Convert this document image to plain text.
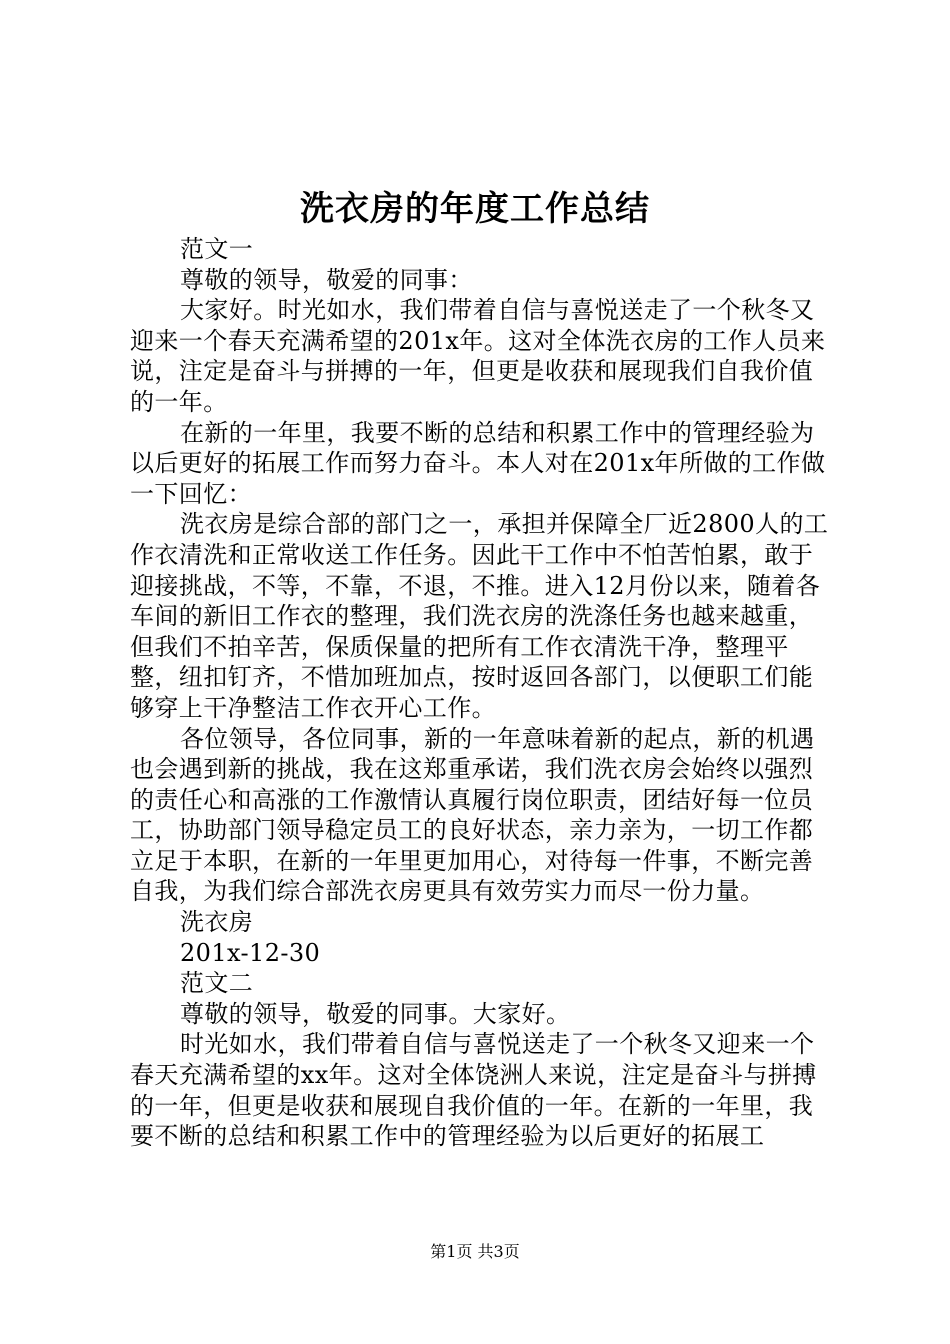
洗衣房的年度工作总结

范文一

尊敬的领导，敬爱的同事：

大家好。时光如水，我们带着自信与喜悦送走了一个秋冬又迎来一个春天充满希望的201x年。这对全体洗衣房的工作人员来说，注定是奋斗与拼搏的一年，但更是收获和展现我们自我价值的一年。

在新的一年里，我要不断的总结和积累工作中的管理经验为以后更好的拓展工作而努力奋斗。本人对在201x年所做的工作做一下回忆：

洗衣房是综合部的部门之一，承担并保障全厂近2800人的工作衣清洗和正常收送工作任务。因此干工作中不怕苦怕累，敢于迎接挑战，不等，不靠，不退，不推。进入12月份以来，随着各车间的新旧工作衣的整理，我们洗衣房的洗涤任务也越来越重，但我们不拍辛苦，保质保量的把所有工作衣清洗干净，整理平整，纽扣钉齐，不惜加班加点，按时返回各部门，以便职工们能够穿上干净整洁工作衣开心工作。

各位领导，各位同事，新的一年意味着新的起点，新的机遇也会遇到新的挑战，我在这郑重承诺，我们洗衣房会始终以强烈的责任心和高涨的工作激情认真履行岗位职责，团结好每一位员工，协助部门领导稳定员工的良好状态，亲力亲为，一切工作都立足于本职，在新的一年里更加用心，对待每一件事，不断完善自我，为我们综合部洗衣房更具有效劳实力而尽一份力量。

洗衣房

201x-12-30

范文二

尊敬的领导，敬爱的同事。大家好。

时光如水，我们带着自信与喜悦送走了一个秋冬又迎来一个春天充满希望的xx年。这对全体饶洲人来说，注定是奋斗与拼搏的一年，但更是收获和展现自我价值的一年。在新的一年里，我要不断的总结和积累工作中的管理经验为以后更好的拓展工

第1页 共3页
